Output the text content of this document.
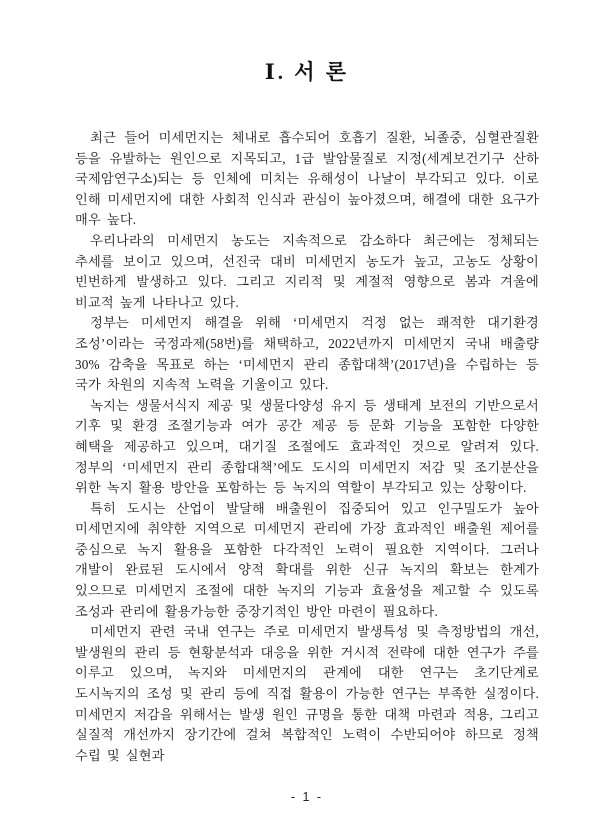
Ⅰ. 서 론

최근 들어 미세먼지는 체내로 흡수되어 호흡기 질환, 뇌졸중, 심혈관질환 등을 유발하는 원인으로 지목되고, 1급 발암물질로 지정(세계보건기구 산하 국제암연구소)되는 등 인체에 미치는 유해성이 나날이 부각되고 있다. 이로 인해 미세먼지에 대한 사회적 인식과 관심이 높아졌으며, 해결에 대한 요구가 매우 높다.

우리나라의 미세먼지 농도는 지속적으로 감소하다 최근에는 정체되는 추세를 보이고 있으며, 선진국 대비 미세먼지 농도가 높고, 고농도 상황이 빈번하게 발생하고 있다. 그리고 지리적 및 계절적 영향으로 봄과 겨울에 비교적 높게 나타나고 있다.

정부는 미세먼지 해결을 위해 ‘미세먼지 걱정 없는 쾌적한 대기환경 조성’이라는 국정과제(58번)를 채택하고, 2022년까지 미세먼지 국내 배출량 30% 감축을 목표로 하는 ‘미세먼지 관리 종합대책’(2017년)을 수립하는 등 국가 차원의 지속적 노력을 기울이고 있다.

녹지는 생물서식지 제공 및 생물다양성 유지 등 생태계 보전의 기반으로서 기후 및 환경 조절기능과 여가 공간 제공 등 문화 기능을 포함한 다양한 혜택을 제공하고 있으며, 대기질 조절에도 효과적인 것으로 알려져 있다. 정부의 ‘미세먼지 관리 종합대책’에도 도시의 미세먼지 저감 및 조기분산을 위한 녹지 활용 방안을 포함하는 등 녹지의 역할이 부각되고 있는 상황이다.

특히 도시는 산업이 발달해 배출원이 집중되어 있고 인구밀도가 높아 미세먼지에 취약한 지역으로 미세먼지 관리에 가장 효과적인 배출원 제어를 중심으로 녹지 활용을 포함한 다각적인 노력이 필요한 지역이다. 그러나 개발이 완료된 도시에서 양적 확대를 위한 신규 녹지의 확보는 한계가 있으므로 미세먼지 조절에 대한 녹지의 기능과 효율성을 제고할 수 있도록 조성과 관리에 활용가능한 중장기적인 방안 마련이 필요하다.

미세먼지 관련 국내 연구는 주로 미세먼지 발생특성 및 측정방법의 개선, 발생원의 관리 등 현황분석과 대응을 위한 거시적 전략에 대한 연구가 주를 이루고 있으며, 녹지와 미세먼지의 관계에 대한 연구는 초기단계로 도시녹지의 조성 및 관리 등에 직접 활용이 가능한 연구는 부족한 실정이다. 미세먼지 저감을 위해서는 발생 원인 규명을 통한 대책 마련과 적용, 그리고 실질적 개선까지 장기간에 걸쳐 복합적인 노력이 수반되어야 하므로 정책 수립 및 실현과

- 1 -
